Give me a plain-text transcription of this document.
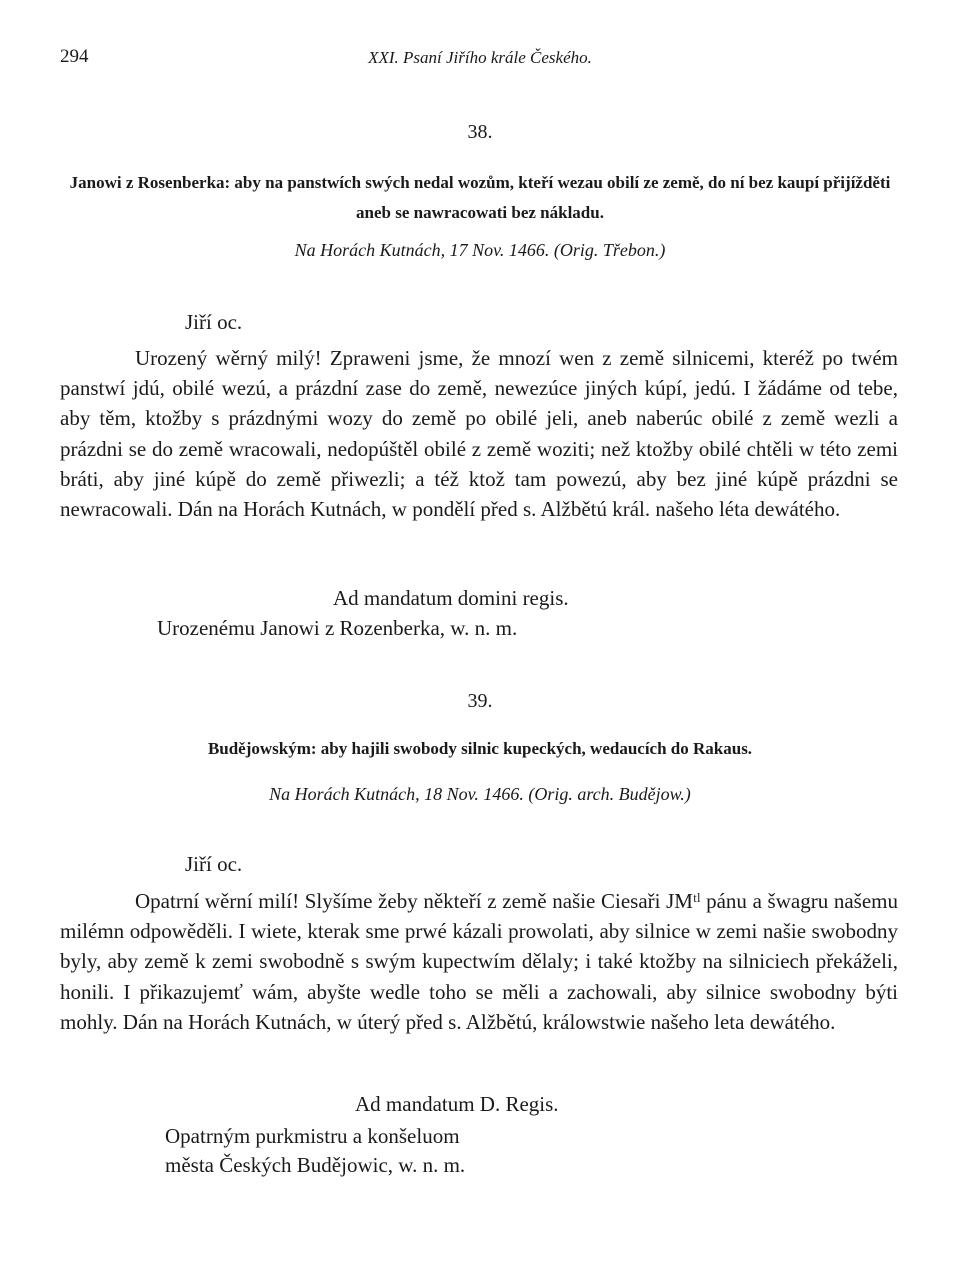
294	XXI. Psaní Jiřího krále Českého.
38.
Janowi z Rosenberka: aby na panstwích swých nedal wozům, kteří wezau obilí ze země, do ní bez kaupí přijížděti aneb se nawracowati bez nákladu.
Na Horách Kutnách, 17 Nov. 1466. (Orig. Třebon.)
Jiří oc.
Urozený wěrný milý! Zpraweni jsme, že mnozí wen z země silnicemi, kteréž po twém panstwí jdú, obilé wezú, a prázdní zase do země, newezúce jiných kúpí, jedú. I žádáme od tebe, aby těm, ktožby s prázdnými wozy do země po obilé jeli, aneb naberúc obilé z země wezli a prázdni se do země wracowali, nedopúštěl obilé z země woziti; než ktožby obilé chtěli w této zemi bráti, aby jiné kúpě do země přiwezli; a též ktož tam powezú, aby bez jiné kúpě prázdni se newracowali. Dán na Horách Kutnách, w pondělí před s. Alžbětú král. našeho léta dewátého.
Ad mandatum domini regis.
Urozenému Janowi z Rozenberka, w. n. m.
39.
Budějowským: aby hajili swobody silnic kupeckých, wedaucích do Rakaus.
Na Horách Kutnách, 18 Nov. 1466. (Orig. arch. Budějow.)
Jiří oc.
Opatrní wěrní milí! Slyšíme žeby někteří z země našie Ciesaři JMᵗˡ pánu a šwagru našemu milémn odpowěděli. I wiete, kterak sme prwé kázali prowolati, aby silnice w zemi našie swobodny byly, aby země k zemi swobodně s swým kupectwím dělaly; i také ktožby na silniciech překáželi, honili. I přikazujemť wám, abyšte wedle toho se měli a zachowali, aby silnice swobodny býti mohly. Dán na Horách Kutnách, w úterý před s. Alžbětú, králowstwie našeho leta dewátého.
Ad mandatum D. Regis.
Opatrným purkmistru a konšeluom
města Českých Budějowic, w. n. m.
